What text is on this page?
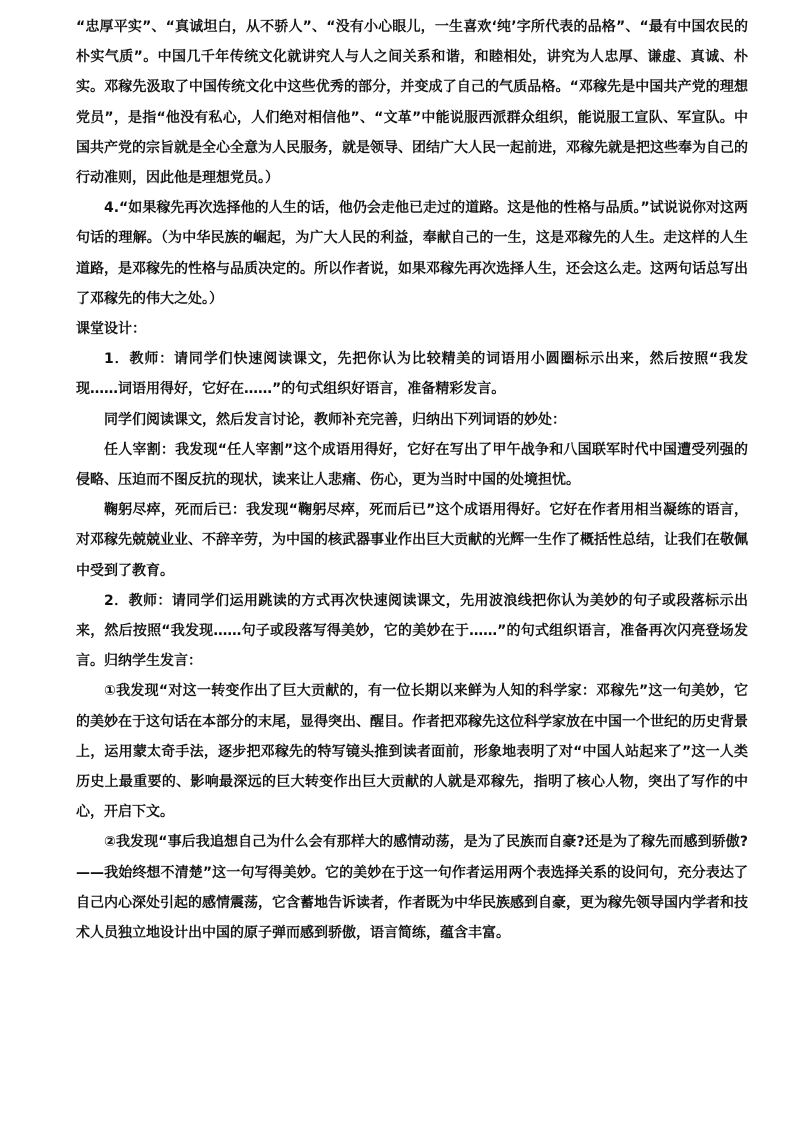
“忠厚平实”、“真诚坦白，从不骄人”、“没有小心眼儿，一生喜欢‘纯’字所代表的品格”、“最有中国农民的朴实气质”。中国几千年传统文化就讲究人与人之间关系和谐，和睦相处，讲究为人忠厚、谦虚、真诚、朴实。邓稼先汲取了中国传统文化中这些优秀的部分，并变成了自己的气质品格。“邓稼先是中国共产党的理想党员”，是指“他没有私心，人们绝对相信他”、“文革”中能说服西派群众组织，能说服工宣队、军宣队。中国共产党的宗旨就是全心全意为人民服务，就是领导、团结广大人民一起前进，邓稼先就是把这些奉为自己的行动准则，因此他是理想党员。）

4.“如果稼先再次选择他的人生的话，他仍会走他已走过的道路。这是他的性格与品质。”试说说你对这两句话的理解。（为中华民族的崛起，为广大人民的利益，奉献自己的一生，这是邓稼先的人生。走这样的人生道路，是邓稼先的性格与品质决定的。所以作者说，如果邓稼先再次选择人生，还会这么走。这两句话总写出了邓稼先的伟大之处。）

课堂设计：

1．教师：请同学们快速阅读课文，先把你认为比较精美的词语用小圆圈标示出来，然后按照“我发现……词语用得好，它好在……”的句式组织好语言，准备精彩发言。

同学们阅读课文，然后发言讨论，教师补充完善，归纳出下列词语的妙处：

任人宰割：我发现“任人宰割”这个成语用得好，它好在写出了甲午战争和八国联军时代中国遭受列强的侵略、压迫而不图反抗的现状，读来让人悲痛、伤心，更为当时中国的处境担忧。

鞠躬尽瘁，死而后已：我发现“鞠躬尽瘁，死而后已”这个成语用得好。它好在作者用相当凝练的语言，对邓稼先兢兢业业、不辞辛劳，为中国的核武器事业作出巨大贡献的光辉一生作了概括性总结，让我们在敬佩中受到了教育。

2．教师：请同学们运用跳读的方式再次快速阅读课文，先用波浪线把你认为美妙的句子或段落标示出来，然后按照“我发现……句子或段落写得美妙，它的美妙在于……”的句式组织语言，准备再次闪亮登场发言。归纳学生发言：

①我发现“对这一转变作出了巨大贡献的，有一位长期以来鲜为人知的科学家：邓稼先”这一句美妙，它的美妙在于这句话在本部分的末尾，显得突出、醒目。作者把邓稼先这位科学家放在中国一个世纪的历史背景上，运用蒙太奇手法，逐步把邓稼先的特写镜头推到读者面前，形象地表明了对“中国人站起来了”这一人类历史上最重要的、影响最深远的巨大转变作出巨大贡献的人就是邓稼先，指明了核心人物，突出了写作的中心，开启下文。

②我发现“事后我追想自己为什么会有那样大的感情动荡，是为了民族而自豪?还是为了稼先而感到骄傲?——我始终想不清楚”这一句写得美妙。它的美妙在于这一句作者运用两个表选择关系的设问句，充分表达了自己内心深处引起的感情震荡，它含蓄地告诉读者，作者既为中华民族感到自豪，更为稼先领导国内学者和技术人员独立地设计出中国的原子弹而感到骄傲，语言简练，蕴含丰富。
